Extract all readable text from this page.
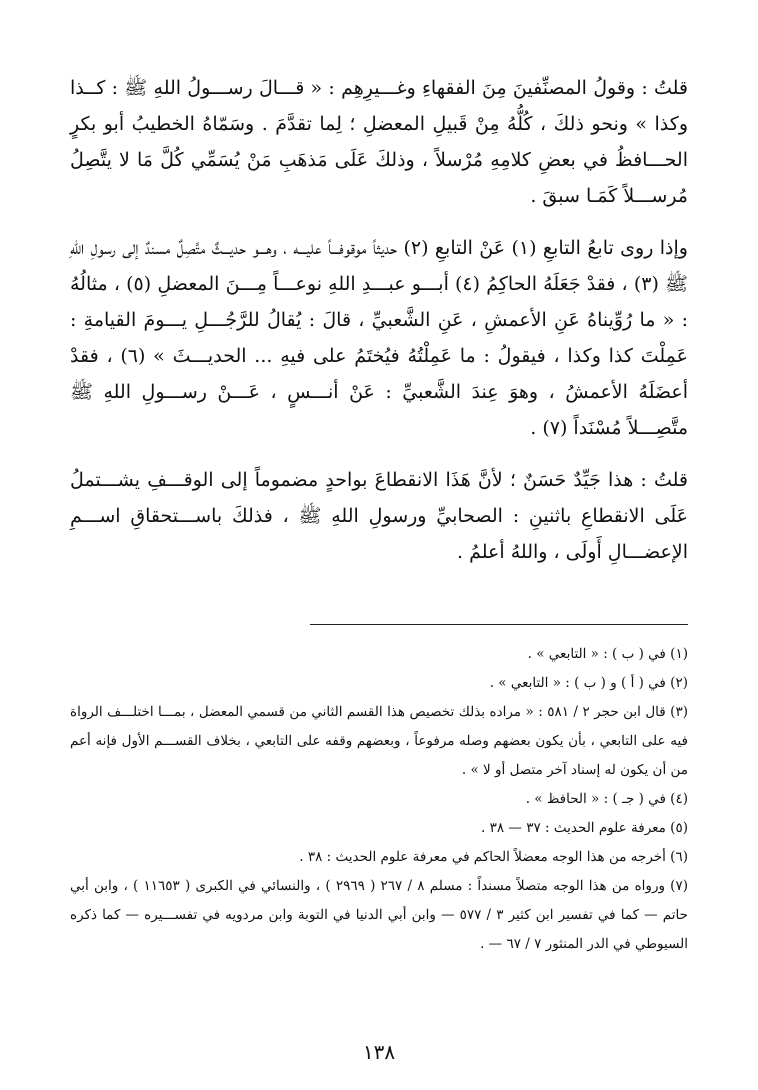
قلتُ : وقولُ المصنِّفينَ مِنَ الفقهاءِ وغـــيرِهِم : « قـــالَ رســـولُ اللهِ ﷺ : كــذا وكذا » ونحو ذلكَ ، كُلُّهُ مِنْ قَبيلِ المعضلِ ؛ لِما تقدَّمَ . وسَمّاهُ الخطيبُ أبو بكرٍ الحـــافظُ في بعضِ كلامِهِ مُرْسلاً ، وذلكَ عَلَى مَذهَبِ مَنْ يُسَمِّي كُلَّ مَا لا يتَّصِلُ مُرســـلاً كَمَـا سبقَ .

وإذا روى تابعُ التابعِ (١) عَنْ التابعِ (٢) حديثاً موقوفـــاً عليـــه ، وهـــو حديـــثٌ متَّصِلٌ مسندٌ إلى رسولِ اللهِ ﷺ (٣) ، فقدْ جَعَلَهُ الحاكِمُ (٤) أبـــو عبـــدِ اللهِ نوعـــاً مِـــنَ المعضلِ (٥) ، مثالُهُ : « ما رُوِّيناهُ عَنِ الأعمشِ ، عَنِ الشَّعبيِّ ، قالَ : يُقالُ للرَّجُـــلِ يـــومَ القيامةِ : عَمِلْتَ كذا وكذا ، فيقولُ : ما عَمِلْتُهُ فيُختَمُ على فيهِ ... الحديـــثَ » (٦) ، فقدْ أعضَلَهُ الأعمشُ ، وهوَ عِندَ الشَّعبيِّ : عَنْ أنـــسٍ ، عَـــنْ رســـولِ اللهِ ﷺ متَّصِـــلاً مُسْنَداً (٧) .

قلتُ : هذا جَيِّدٌ حَسَنٌ ؛ لأنَّ هَذَا الانقطاعَ بواحدٍ مضموماً إلى الوقـــفِ يشـــتملُ عَلَى الانقطاعِ باثنينِ : الصحابيِّ ورسولِ اللهِ ﷺ ، فذلكَ باســـتحقاقِ اســـمِ الإعضـــالِ أَولَى ، واللهُ أعلمُ .

(١) في ( ب ) : « التابعي » .

(٢) في ( أ ) و ( ب ) : « التابعي » .

(٣) قال ابن حجر ٢ / ٥٨١ : « مراده بذلك تخصيص هذا القسم الثاني من قسمي المعضل ، بمـــا اختلـــف الرواة فيه على التابعي ، بأن يكون بعضهم وصله مرفوعاً ، وبعضهم وقفه على التابعي ، بخلاف القســـم الأول فإنه أعم من أن يكون له إسناد آخر متصل أو لا » .

(٤) في ( جـ ) : « الحافظ » .

(٥) معرفة علوم الحديث : ٣٧ — ٣٨ .

(٦) أخرجه من هذا الوجه معضلاً الحاكم في معرفة علوم الحديث : ٣٨ .

(٧) ورواه من هذا الوجه متصلاً مسنداً : مسلم ٨ / ٢٦٧ ( ٢٩٦٩ ) ، والنسائي في الكبرى ( ١١٦٥٣ ) ، وابن أبي حاتم — كما في تفسير ابن كثير ٣ / ٥٧٧ — وابن أبي الدنيا في التوبة وابن مردويه في تفســـيره — كما ذكره السيوطي في الدر المنثور ٧ / ٦٧ — .

١٣٨
